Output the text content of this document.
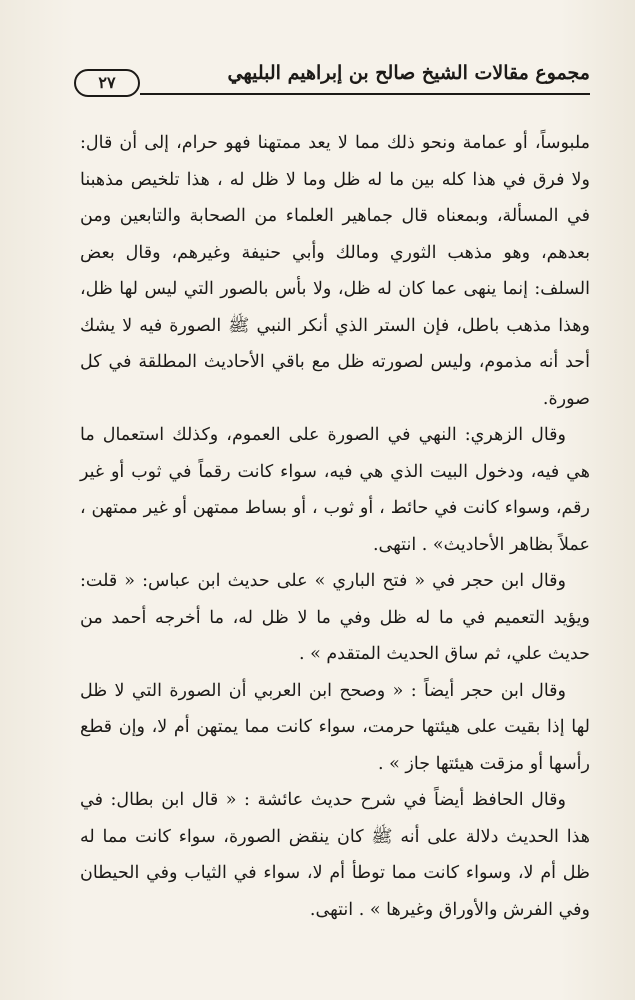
مجموع مقالات الشيخ صالح بن إبراهيم البليهي
٢٧

ملبوساً، أو عمامة ونحو ذلك مما لا يعد ممتهنا فهو حرام، إلى أن قال: ولا فرق في هذا كله بين ما له ظل وما لا ظل له ، هذا تلخيص مذهبنا في المسألة، وبمعناه قال جماهير العلماء من الصحابة والتابعين ومن بعدهم، وهو مذهب الثوري ومالك وأبي حنيفة وغيرهم، وقال بعض السلف: إنما ينهى عما كان له ظل، ولا بأس بالصور التي ليس لها ظل، وهذا مذهب باطل، فإن الستر الذي أنكر النبي ﷺ الصورة فيه لا يشك أحد أنه مذموم، وليس لصورته ظل مع باقي الأحاديث المطلقة في كل صورة.

وقال الزهري: النهي في الصورة على العموم، وكذلك استعمال ما هي فيه، ودخول البيت الذي هي فيه، سواء كانت رقماً في ثوب أو غير رقم، وسواء كانت في حائط ، أو ثوب ، أو بساط ممتهن أو غير ممتهن ، عملاً بظاهر الأحاديث» . انتهى.

وقال ابن حجر في « فتح الباري » على حديث ابن عباس: « قلت: ويؤيد التعميم في ما له ظل وفي ما لا ظل له، ما أخرجه أحمد من حديث علي، ثم ساق الحديث المتقدم » .

وقال ابن حجر أيضاً : « وصحح ابن العربي أن الصورة التي لا ظل لها إذا بقيت على هيئتها حرمت، سواء كانت مما يمتهن أم لا، وإن قطع رأسها أو مزقت هيئتها جاز » .

وقال الحافظ أيضاً في شرح حديث عائشة : « قال ابن بطال: في هذا الحديث دلالة على أنه ﷺ كان ينقض الصورة، سواء كانت مما له ظل أم لا، وسواء كانت مما توطأ أم لا، سواء في الثياب وفي الحيطان وفي الفرش والأوراق وغيرها » . انتهى.
